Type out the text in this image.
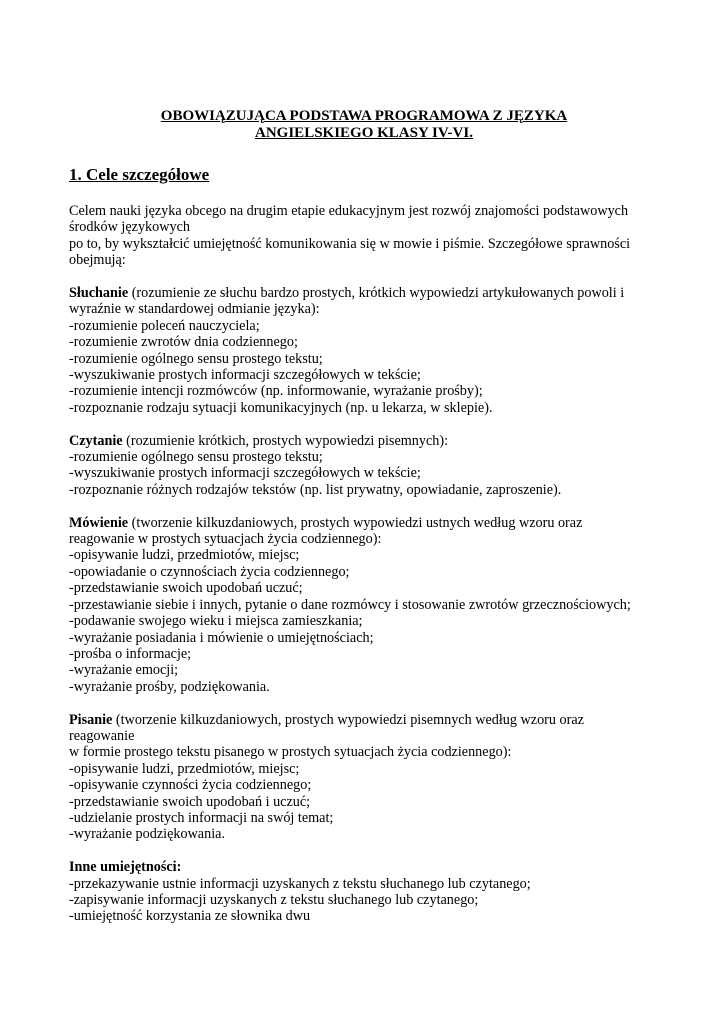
OBOWIĄZUJĄCA PODSTAWA PROGRAMOWA Z JĘZYKA
ANGIELSKIEGO KLASY IV-VI.
1. Cele szczegółowe
Celem nauki języka obcego na drugim etapie edukacyjnym jest rozwój znajomości podstawowych
środków językowych
po to, by wykształcić umiejętność komunikowania się w mowie i piśmie. Szczegółowe sprawności
obejmują:
Słuchanie (rozumienie ze słuchu bardzo prostych, krótkich wypowiedzi artykułowanych powoli i
wyraźnie w standardowej odmianie języka):
-rozumienie poleceń nauczyciela;
-rozumienie zwrotów dnia codziennego;
-rozumienie ogólnego sensu prostego tekstu;
-wyszukiwanie prostych informacji szczegółowych w tekście;
-rozumienie intencji rozmówców (np. informowanie, wyrażanie prośby);
-rozpoznanie rodzaju sytuacji komunikacyjnych (np. u lekarza, w sklepie).
Czytanie (rozumienie krótkich, prostych wypowiedzi pisemnych):
-rozumienie ogólnego sensu prostego tekstu;
-wyszukiwanie prostych informacji szczegółowych w tekście;
-rozpoznanie różnych rodzajów tekstów (np. list prywatny, opowiadanie, zaproszenie).
Mówienie (tworzenie kilkuzdaniowych, prostych wypowiedzi ustnych według wzoru oraz
reagowanie w prostych sytuacjach życia codziennego):
-opisywanie ludzi, przedmiotów, miejsc;
-opowiadanie o czynnościach życia codziennego;
-przedstawianie swoich upodobań uczuć;
-przestawianie siebie i innych, pytanie o dane rozmówcy i stosowanie zwrotów grzecznościowych;
-podawanie swojego wieku i miejsca zamieszkania;
-wyrażanie posiadania i mówienie o umiejętnościach;
-prośba o informacje;
-wyrażanie emocji;
-wyrażanie prośby, podziękowania.
Pisanie (tworzenie kilkuzdaniowych, prostych wypowiedzi pisemnych według wzoru oraz
reagowanie
w formie prostego tekstu pisanego w prostych sytuacjach życia codziennego):
-opisywanie ludzi, przedmiotów, miejsc;
-opisywanie czynności życia codziennego;
-przedstawianie swoich upodobań i uczuć;
-udzielanie prostych informacji na swój temat;
-wyrażanie podziękowania.
Inne umiejętności:
-przekazywanie ustnie informacji uzyskanych z tekstu słuchanego lub czytanego;
-zapisywanie informacji uzyskanych z tekstu słuchanego lub czytanego;
-umiejętność korzystania ze słownika dwu
